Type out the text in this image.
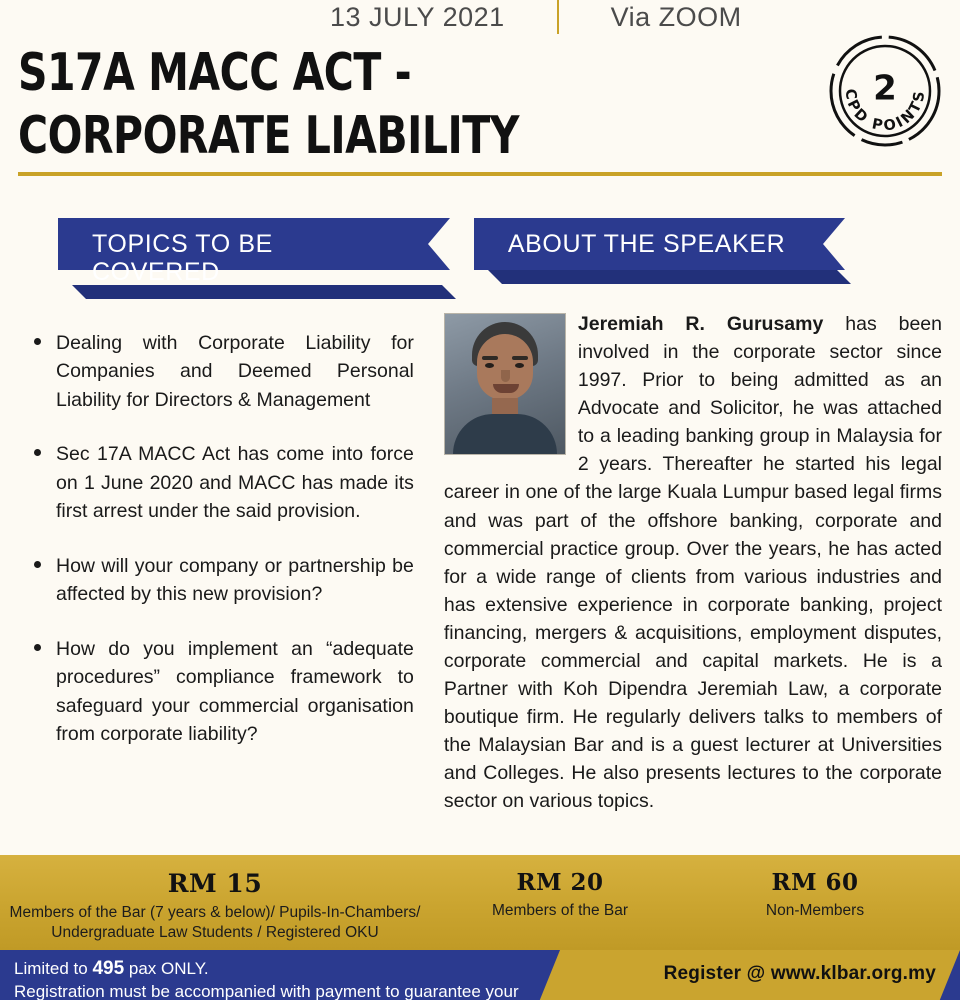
13 JULY 2021	Via ZOOM
S17A MACC ACT -
CORPORATE LIABILITY
2
CPD POINTS
TOPICS TO BE COVERED
Dealing with Corporate Liability for Companies and Deemed Personal Liability for Directors & Management
Sec 17A MACC Act has come into force on 1 June 2020 and MACC has made its first arrest under the said provision.
How will your company or partnership be affected by this new provision?
How do you implement an “adequate procedures” compliance framework to safeguard your commercial organisation from corporate liability?
ABOUT THE SPEAKER
Jeremiah R. Gurusamy has been involved in the corporate sector since 1997. Prior to being admitted as an Advocate and Solicitor, he was attached to a leading banking group in Malaysia for 2 years. Thereafter he started his legal career in one of the large Kuala Lumpur based legal firms and was part of the offshore banking, corporate and commercial practice group. Over the years, he has acted for a wide range of clients from various industries and has extensive experience in corporate banking, project financing, mergers & acquisitions, employment disputes, corporate commercial and capital markets. He is a Partner with Koh Dipendra Jeremiah Law, a corporate boutique firm. He regularly delivers talks to members of the Malaysian Bar and is a guest lecturer at Universities and Colleges. He also presents lectures to the corporate sector on various topics.
RM 15
Members of the Bar (7 years & below)/ Pupils-In-Chambers/ Undergraduate Law Students / Registered OKU
RM 20
Members of the Bar
RM 60
Non-Members
Limited to 495 pax ONLY.
Registration must be accompanied with payment to guarantee your
Register @ www.klbar.org.my
